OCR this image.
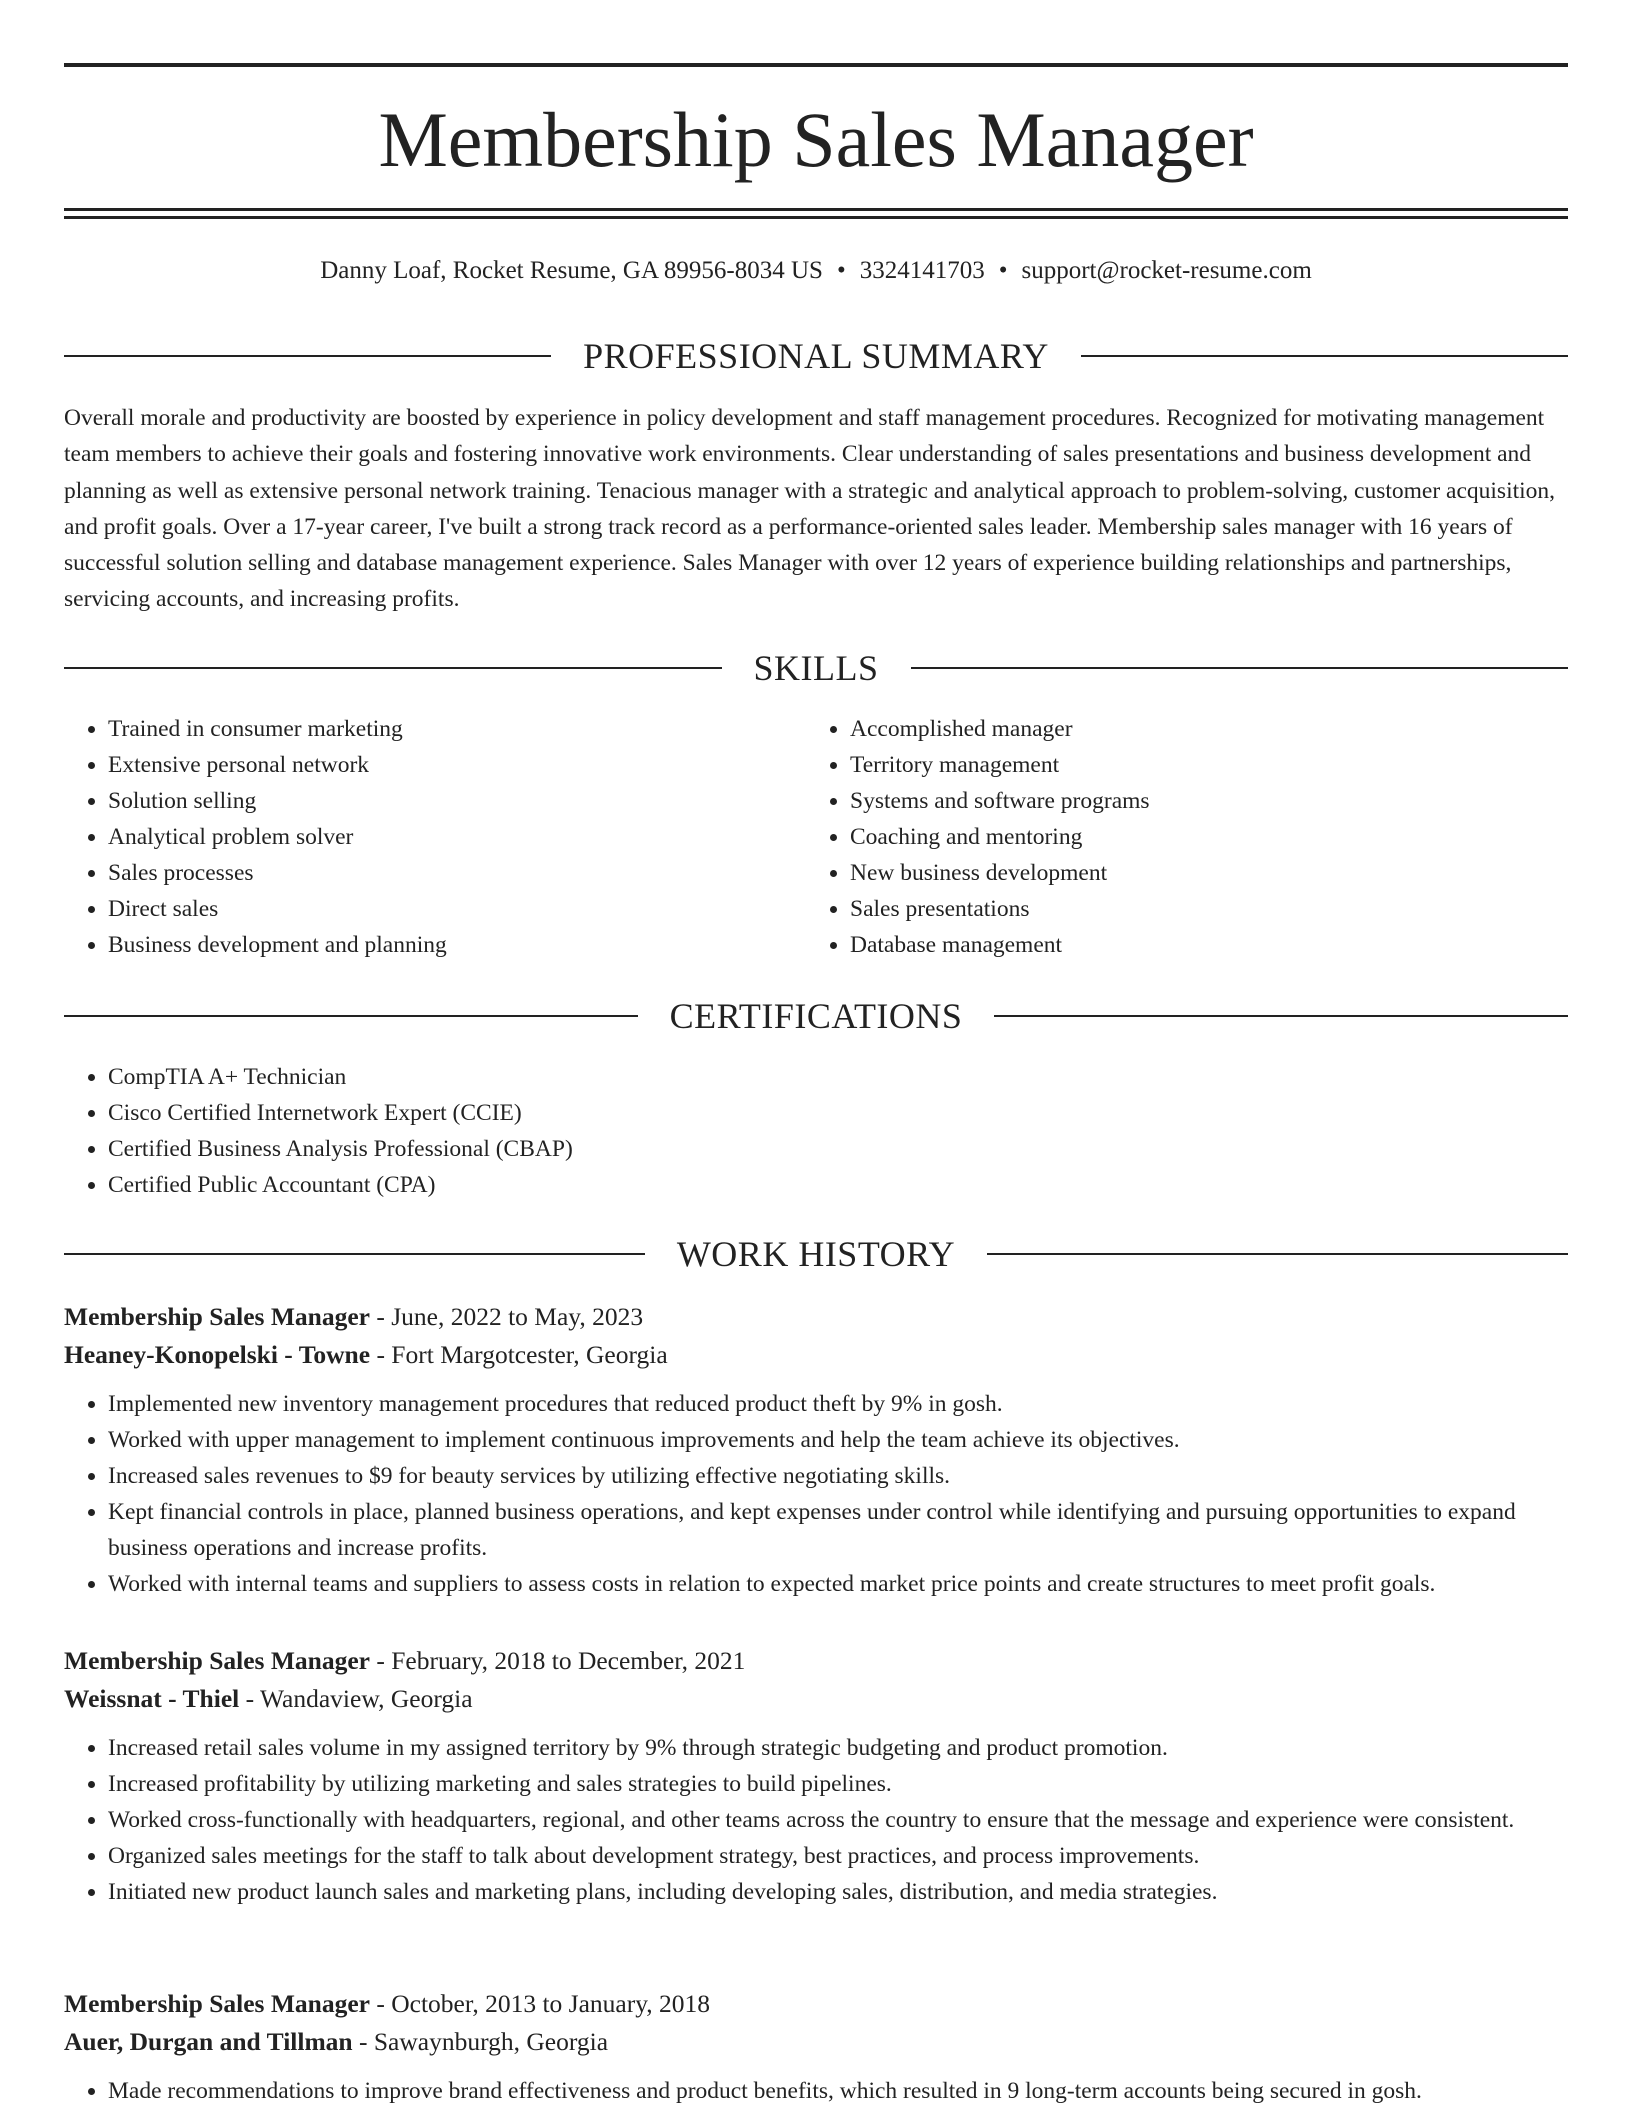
Membership Sales Manager
Danny Loaf, Rocket Resume, GA 89956-8034 US • 3324141703 • support@rocket-resume.com
PROFESSIONAL SUMMARY

Overall morale and productivity are boosted by experience in policy development and staff management procedures. Recognized for motivating management team members to achieve their goals and fostering innovative work environments. Clear understanding of sales presentations and business development and planning as well as extensive personal network training. Tenacious manager with a strategic and analytical approach to problem-solving, customer acquisition, and profit goals. Over a 17-year career, I've built a strong track record as a performance-oriented sales leader. Membership sales manager with 16 years of successful solution selling and database management experience. Sales Manager with over 12 years of experience building relationships and partnerships, servicing accounts, and increasing profits.

SKILLS
• Trained in consumer marketing
• Extensive personal network
• Solution selling
• Analytical problem solver
• Sales processes
• Direct sales
• Business development and planning
• Accomplished manager
• Territory management
• Systems and software programs
• Coaching and mentoring
• New business development
• Sales presentations
• Database management
CERTIFICATIONS
• CompTIA A+ Technician
• Cisco Certified Internetwork Expert (CCIE)
• Certified Business Analysis Professional (CBAP)
• Certified Public Accountant (CPA)
WORK HISTORY

Membership Sales Manager - June, 2022 to May, 2023

Heaney-Konopelski - Towne - Fort Margotcester, Georgia

• Implemented new inventory management procedures that reduced product theft by 9% in gosh.
• Worked with upper management to implement continuous improvements and help the team achieve its objectives.
• Increased sales revenues to $9 for beauty services by utilizing effective negotiating skills.
• Kept financial controls in place, planned business operations, and kept expenses under control while identifying and pursuing opportunities to expand business operations and increase profits.
• Worked with internal teams and suppliers to assess costs in relation to expected market price points and create structures to meet profit goals.

Membership Sales Manager - February, 2018 to December, 2021

Weissnat - Thiel - Wandaview, Georgia

• Increased retail sales volume in my assigned territory by 9% through strategic budgeting and product promotion.
• Increased profitability by utilizing marketing and sales strategies to build pipelines.
• Worked cross-functionally with headquarters, regional, and other teams across the country to ensure that the message and experience were consistent.
• Organized sales meetings for the staff to talk about development strategy, best practices, and process improvements.
• Initiated new product launch sales and marketing plans, including developing sales, distribution, and media strategies.

Membership Sales Manager - October, 2013 to January, 2018

Auer, Durgan and Tillman - Sawaynburgh, Georgia

• Made recommendations to improve brand effectiveness and product benefits, which resulted in 9 long-term accounts being secured in gosh.
